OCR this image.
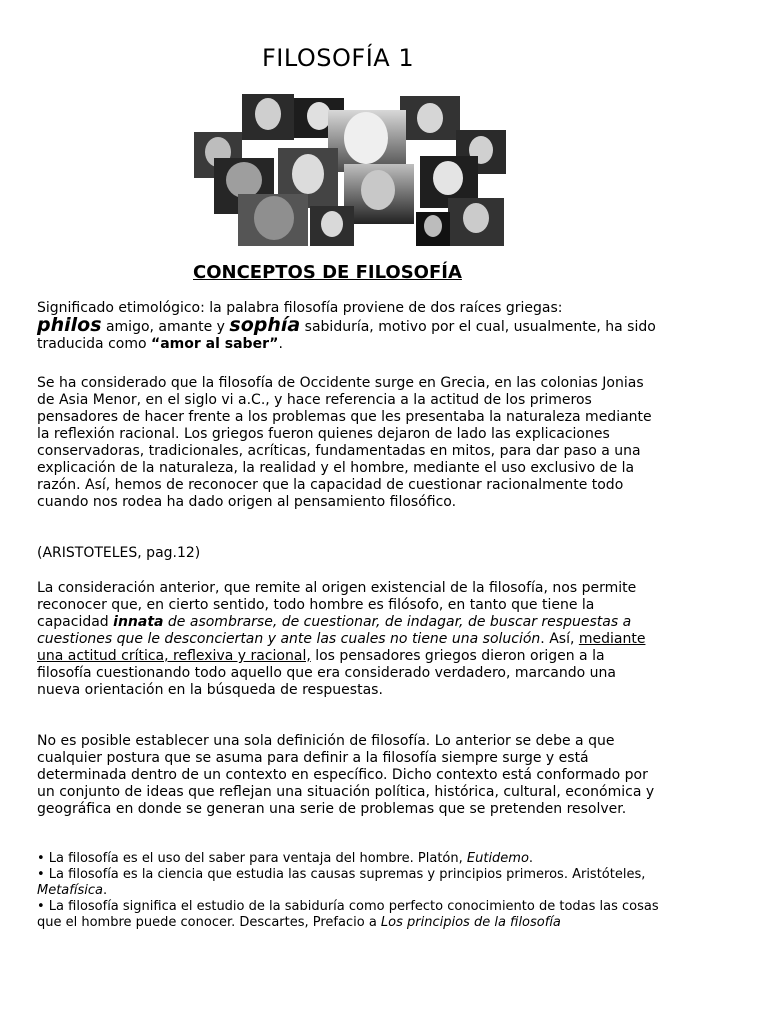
FILOSOFÍA 1
CONCEPTOS DE FILOSOFÍA
Significado etimológico: la palabra filosofía proviene de dos raíces griegas:
philos amigo, amante y sophía sabiduría, motivo por el cual, usualmente, ha sido traducida como “amor al saber”.
Se ha considerado que la filosofía de Occidente surge en Grecia, en las colonias Jonias de Asia Menor, en el siglo vi a.C., y hace referencia a la actitud de los primeros pensadores de hacer frente a los problemas que les presentaba la naturaleza mediante la reflexión racional. Los griegos fueron quienes dejaron de lado las explicaciones conservadoras, tradicionales, acríticas, fundamentadas en mitos, para dar paso a una explicación de la naturaleza, la realidad y el hombre, mediante el uso exclusivo de la razón. Así, hemos de reconocer que la capacidad de cuestionar racionalmente todo cuando nos rodea ha dado origen al pensamiento filosófico.
(ARISTOTELES, pag.12)
La consideración anterior, que remite al origen existencial de la filosofía, nos permite reconocer que, en cierto sentido, todo hombre es filósofo, en tanto que tiene la capacidad innata de asombrarse, de cuestionar, de indagar, de buscar respuestas a cuestiones que le desconciertan y ante las cuales no tiene una solución. Así, mediante una actitud crítica, reflexiva y racional, los pensadores griegos dieron origen a la filosofía cuestionando todo aquello que era considerado verdadero, marcando una nueva orientación en la búsqueda de respuestas.
No es posible establecer una sola definición de filosofía. Lo anterior se debe a que cualquier postura que se asuma para definir a la filosofía siempre surge y está determinada dentro de un contexto en específico. Dicho contexto está conformado por un conjunto de ideas que reflejan una situación política, histórica, cultural, económica y geográfica en donde se generan una serie de problemas que se pretenden resolver.
• La filosofía es el uso del saber para ventaja del hombre. Platón, Eutidemo.
• La filosofía es la ciencia que estudia las causas supremas y principios primeros. Aristóteles, Metafísica.
• La filosofía significa el estudio de la sabiduría como perfecto conocimiento de todas las cosas que el hombre puede conocer. Descartes, Prefacio a Los principios de la filosofía
